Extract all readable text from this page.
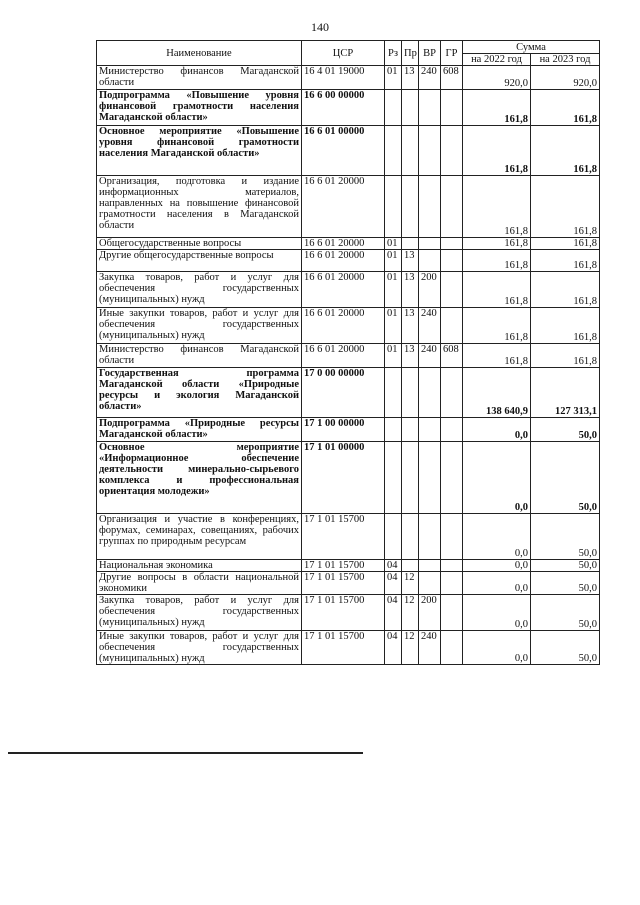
140
Наименование	ЦСР	Рз	Пр	ВР	ГР	Сумма	
						на 2022 год	на 2023 год
Министерство финансов Магаданской области	16 4 01 19000	01	13	240	608	920,0	920,0
Подпрограмма «Повышение уровня финансовой грамотности населения Магаданской области»	16 6 00 00000					161,8	161,8
Основное мероприятие «Повышение уровня финансовой грамотности населения Магаданской области»	16 6 01 00000					161,8	161,8
Организация, подготовка и издание информационных материалов, направленных на повышение финансовой грамотности населения в Магаданской области	16 6 01 20000					161,8	161,8
Общегосударственные вопросы	16 6 01 20000	01				161,8	161,8
Другие общегосударственные вопросы	16 6 01 20000	01	13			161,8	161,8
Закупка товаров, работ и услуг для обеспечения государственных (муниципальных) нужд	16 6 01 20000	01	13	200		161,8	161,8
Иные закупки товаров, работ и услуг для обеспечения государственных (муниципальных) нужд	16 6 01 20000	01	13	240		161,8	161,8
Министерство финансов Магаданской области	16 6 01 20000	01	13	240	608	161,8	161,8
Государственная программа Магаданской области «Природные ресурсы и экология Магаданской области»	17 0 00 00000					138 640,9	127 313,1
Подпрограмма «Природные ресурсы Магаданской области»	17 1 00 00000					0,0	50,0
Основное мероприятие «Информационное обеспечение деятельности минерально-сырьевого комплекса и профессиональная ориентация молодежи»	17 1 01 00000					0,0	50,0
Организация и участие в конференциях, форумах, семинарах, совещаниях, рабочих группах по природным ресурсам	17 1 01 15700					0,0	50,0
Национальная экономика	17 1 01 15700	04				0,0	50,0
Другие вопросы в области национальной экономики	17 1 01 15700	04	12			0,0	50,0
Закупка товаров, работ и услуг для обеспечения государственных (муниципальных) нужд	17 1 01 15700	04	12	200		0,0	50,0
Иные закупки товаров, работ и услуг для обеспечения государственных (муниципальных) нужд	17 1 01 15700	04	12	240		0,0	50,0
